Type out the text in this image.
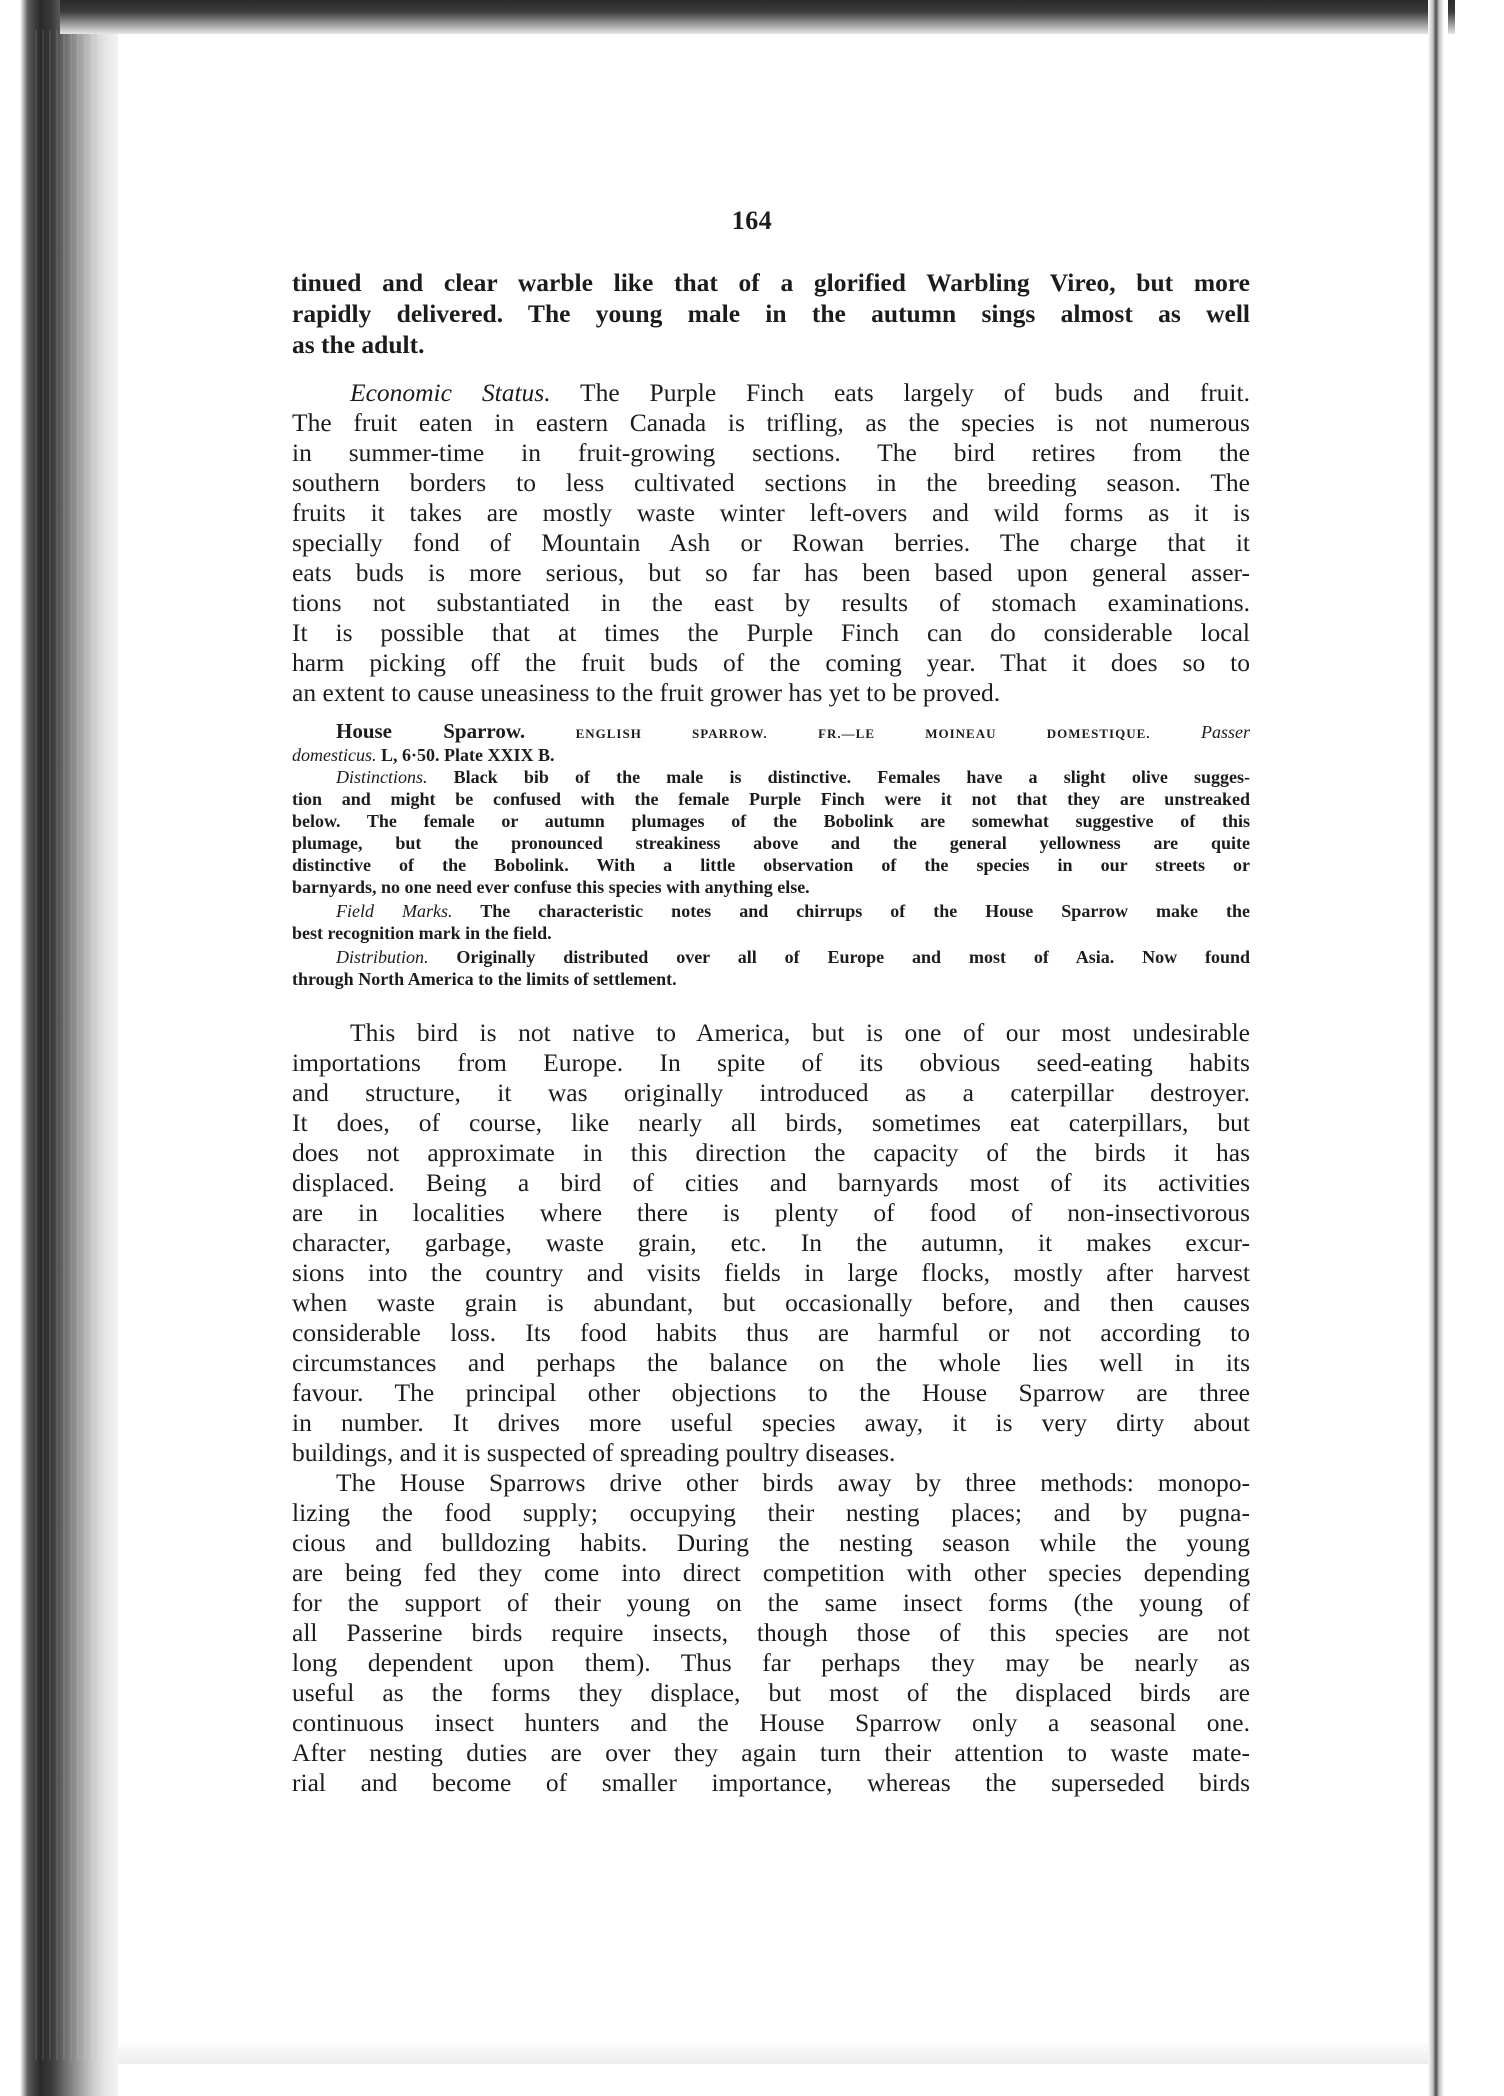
164

tinued and clear warble like that of a glorified Warbling Vireo, but more

rapidly delivered. The young male in the autumn sings almost as well

as the adult.

Economic Status. The Purple Finch eats largely of buds and fruit.

The fruit eaten in eastern Canada is trifling, as the species is not numerous

in summer-time in fruit-growing sections. The bird retires from the

southern borders to less cultivated sections in the breeding season. The

fruits it takes are mostly waste winter left-overs and wild forms as it is

specially fond of Mountain Ash or Rowan berries. The charge that it

eats buds is more serious, but so far has been based upon general asser-

tions not substantiated in the east by results of stomach examinations.

It is possible that at times the Purple Finch can do considerable local

harm picking off the fruit buds of the coming year. That it does so to

an extent to cause uneasiness to the fruit grower has yet to be proved.

House Sparrow.	ENGLISH SPARROW.	FR.—LE MOINEAU DOMESTIQUE.	Passer

domesticus. L, 6·50. Plate XXIX B.

Distinctions. Black bib of the male is distinctive. Females have a slight olive sugges-

tion and might be confused with the female Purple Finch were it not that they are unstreaked

below. The female or autumn plumages of the Bobolink are somewhat suggestive of this

plumage, but the pronounced streakiness above and the general yellowness are quite

distinctive of the Bobolink. With a little observation of the species in our streets or

barnyards, no one need ever confuse this species with anything else.

Field Marks. The characteristic notes and chirrups of the House Sparrow make the

best recognition mark in the field.

Distribution. Originally distributed over all of Europe and most of Asia. Now found

through North America to the limits of settlement.

This bird is not native to America, but is one of our most undesirable

importations from Europe. In spite of its obvious seed-eating habits

and structure, it was originally introduced as a caterpillar destroyer.

It does, of course, like nearly all birds, sometimes eat caterpillars, but

does not approximate in this direction the capacity of the birds it has

displaced. Being a bird of cities and barnyards most of its activities

are in localities where there is plenty of food of non-insectivorous

character, garbage, waste grain, etc. In the autumn, it makes excur-

sions into the country and visits fields in large flocks, mostly after harvest

when waste grain is abundant, but occasionally before, and then causes

considerable loss. Its food habits thus are harmful or not according to

circumstances and perhaps the balance on the whole lies well in its

favour. The principal other objections to the House Sparrow are three

in number. It drives more useful species away, it is very dirty about

buildings, and it is suspected of spreading poultry diseases.

The House Sparrows drive other birds away by three methods: monopo-

lizing the food supply; occupying their nesting places; and by pugna-

cious and bulldozing habits. During the nesting season while the young

are being fed they come into direct competition with other species depending

for the support of their young on the same insect forms (the young of

all Passerine birds require insects, though those of this species are not

long dependent upon them). Thus far perhaps they may be nearly as

useful as the forms they displace, but most of the displaced birds are

continuous insect hunters and the House Sparrow only a seasonal one.

After nesting duties are over they again turn their attention to waste mate-

rial and become of smaller importance, whereas the superseded birds
